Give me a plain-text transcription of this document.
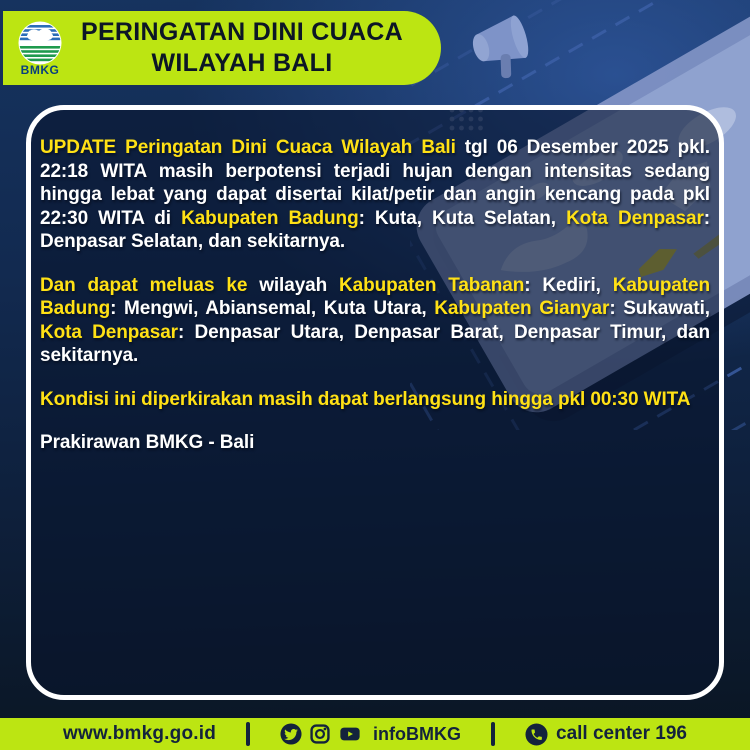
BMKG
PERINGATAN DINI CUACA
WILAYAH BALI

UPDATE Peringatan Dini Cuaca Wilayah Bali tgl 06 Desember 2025 pkl. 22:18 WITA masih berpotensi terjadi hujan dengan intensitas sedang hingga lebat yang dapat disertai kilat/petir dan angin kencang pada pkl 22:30 WITA di Kabupaten Badung: Kuta, Kuta Selatan, Kota Denpasar: Denpasar Selatan, dan sekitarnya.

Dan dapat meluas ke wilayah Kabupaten Tabanan: Kediri, Kabupaten Badung: Mengwi, Abiansemal, Kuta Utara, Kabupaten Gianyar: Sukawati, Kota Denpasar: Denpasar Utara, Denpasar Barat, Denpasar Timur, dan sekitarnya.

Kondisi ini diperkirakan masih dapat berlangsung hingga pkl 00:30 WITA

Prakirawan BMKG - Bali

www.bmkg.go.id	infoBMKG	call center 196
